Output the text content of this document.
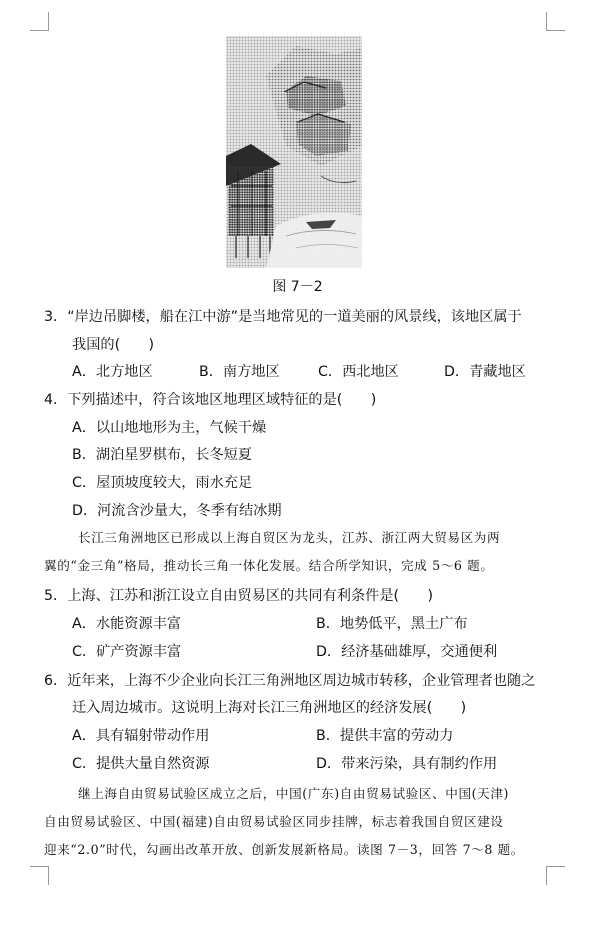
图 7－2
3．“岸边吊脚楼，船在江中游”是当地常见的一道美丽的风景线，该地区属于
我国的(　　)
A．北方地区	B．南方地区	C．西北地区	D．青藏地区
4．下列描述中，符合该地区地理区域特征的是(　　)
A．以山地地形为主，气候干燥
B．湖泊星罗棋布，长冬短夏
C．屋顶坡度较大，雨水充足
D．河流含沙量大，冬季有结冰期
长江三角洲地区已形成以上海自贸区为龙头，江苏、浙江两大贸易区为两
翼的“金三角”格局，推动长三角一体化发展。结合所学知识，完成 5～6 题。
5．上海、江苏和浙江设立自由贸易区的共同有利条件是(　　)
A．水能资源丰富	B．地势低平，黑土广布
C．矿产资源丰富	D．经济基础雄厚，交通便利
6．近年来，上海不少企业向长江三角洲地区周边城市转移，企业管理者也随之
迁入周边城市。这说明上海对长江三角洲地区的经济发展(　　)
A．具有辐射带动作用	B．提供丰富的劳动力
C．提供大量自然资源	D．带来污染，具有制约作用
继上海自由贸易试验区成立之后，中国(广东)自由贸易试验区、中国(天津)
自由贸易试验区、中国(福建)自由贸易试验区同步挂牌，标志着我国自贸区建设
迎来“2.0”时代，勾画出改革开放、创新发展新格局。读图 7－3，回答 7～8 题。
